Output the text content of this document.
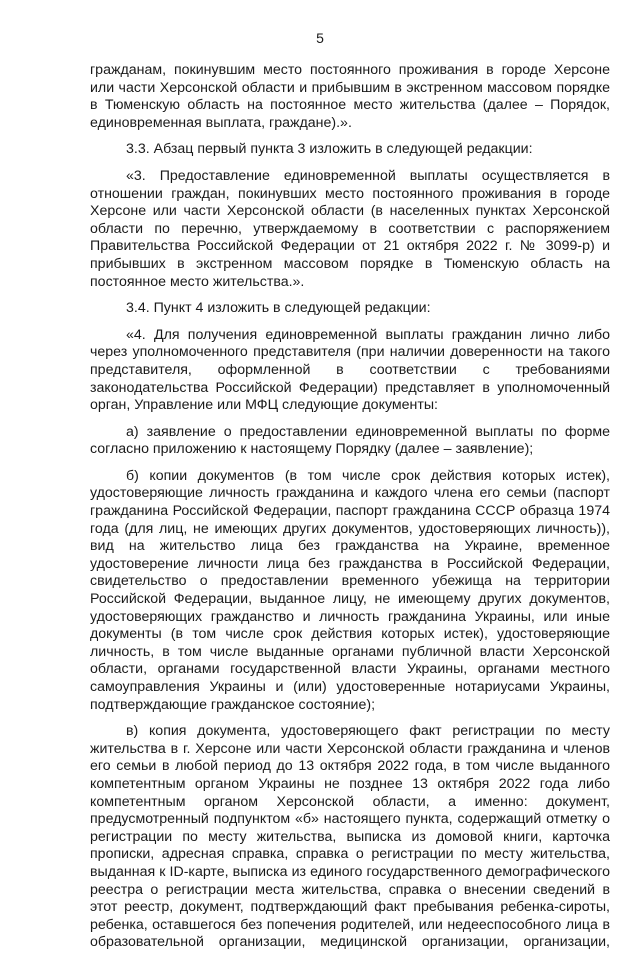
5

гражданам, покинувшим место постоянного проживания в городе Херсоне или части Херсонской области и прибывшим в экстренном массовом порядке в Тюменскую область на постоянное место жительства (далее – Порядок, единовременная выплата, граждане).».

3.3. Абзац первый пункта 3 изложить в следующей редакции:

«3. Предоставление единовременной выплаты осуществляется в отношении граждан, покинувших место постоянного проживания в городе Херсоне или части Херсонской области (в населенных пунктах Херсонской области по перечню, утверждаемому в соответствии с распоряжением Правительства Российской Федерации от 21 октября 2022 г. № 3099-р) и прибывших в экстренном массовом порядке в Тюменскую область на постоянное место жительства.».

3.4. Пункт 4 изложить в следующей редакции:

«4. Для получения единовременной выплаты гражданин лично либо через уполномоченного представителя (при наличии доверенности на такого представителя, оформленной в соответствии с требованиями законодательства Российской Федерации) представляет в уполномоченный орган, Управление или МФЦ следующие документы:

а) заявление о предоставлении единовременной выплаты по форме согласно приложению к настоящему Порядку (далее – заявление);

б) копии документов (в том числе срок действия которых истек), удостоверяющие личность гражданина и каждого члена его семьи (паспорт гражданина Российской Федерации, паспорт гражданина СССР образца 1974 года (для лиц, не имеющих других документов, удостоверяющих личность)), вид на жительство лица без гражданства на Украине, временное удостоверение личности лица без гражданства в Российской Федерации, свидетельство о предоставлении временного убежища на территории Российской Федерации, выданное лицу, не имеющему других документов, удостоверяющих гражданство и личность гражданина Украины, или иные документы (в том числе срок действия которых истек), удостоверяющие личность, в том числе выданные органами публичной власти Херсонской области, органами государственной власти Украины, органами местного самоуправления Украины и (или) удостоверенные нотариусами Украины, подтверждающие гражданское состояние);

в) копия документа, удостоверяющего факт регистрации по месту жительства в г. Херсоне или части Херсонской области гражданина и членов его семьи в любой период до 13 октября 2022 года, в том числе выданного компетентным органом Украины не позднее 13 октября 2022 года либо компетентным органом Херсонской области, а именно: документ, предусмотренный подпунктом «б» настоящего пункта, содержащий отметку о регистрации по месту жительства, выписка из домовой книги, карточка прописки, адресная справка, справка о регистрации по месту жительства, выданная к ID-карте, выписка из единого государственного демографического реестра о регистрации места жительства, справка о внесении сведений в этот реестр, документ, подтверждающий факт пребывания ребенка-сироты, ребенка, оставшегося без попечения родителей, или недееспособного лица в образовательной организации, медицинской организации, организации,
